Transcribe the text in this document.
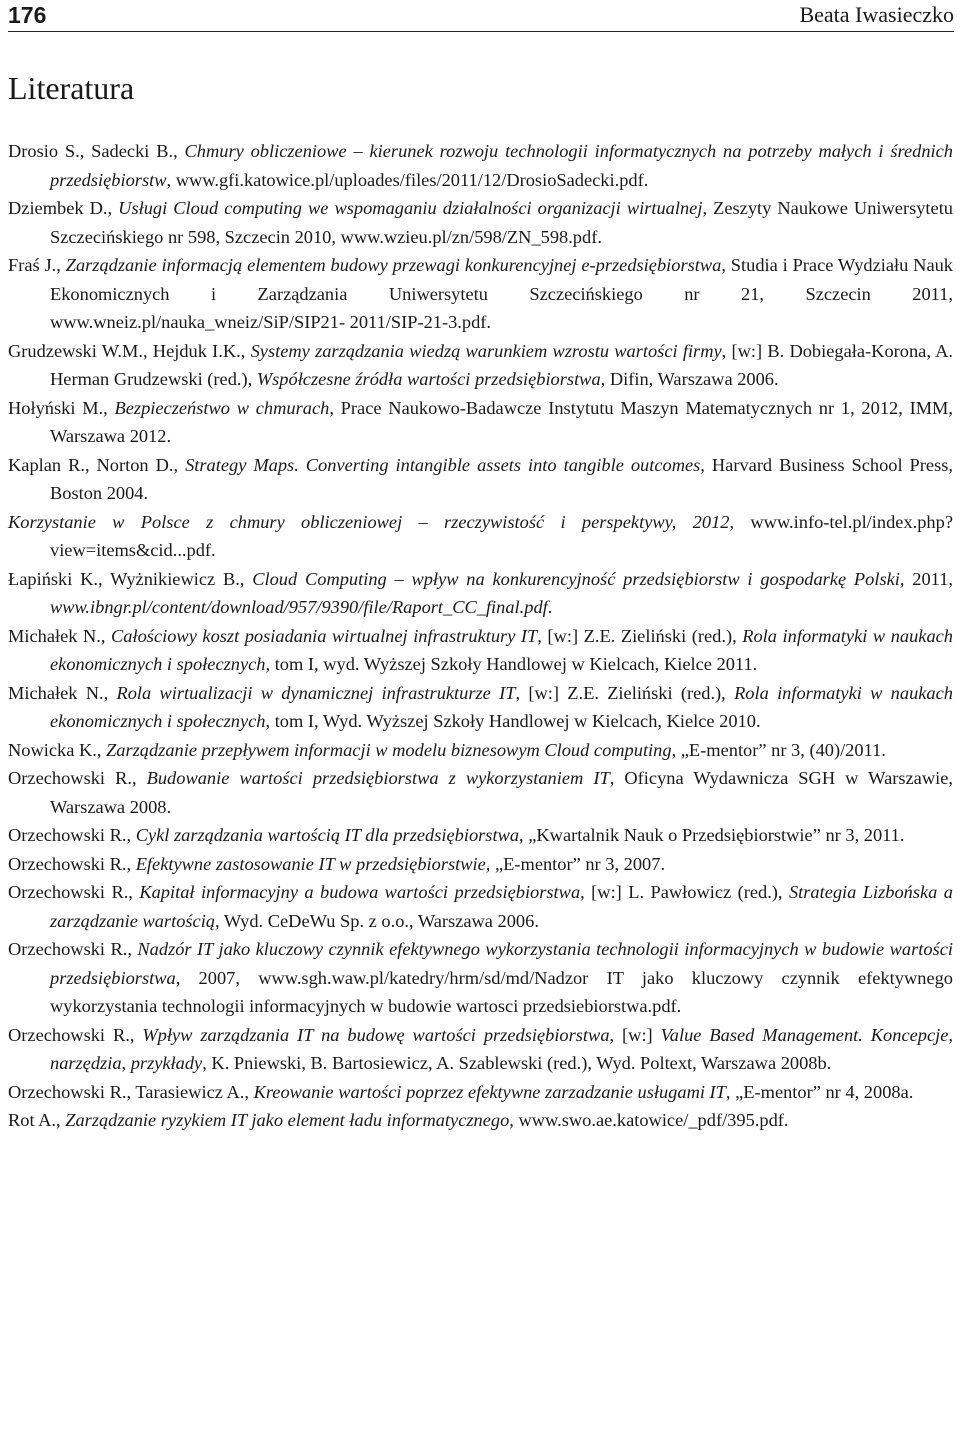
176	Beata Iwasieczko
Literatura

Drosio S., Sadecki B., Chmury obliczeniowe – kierunek rozwoju technologii informatycznych na potrzeby małych i średnich przedsiębiorstw, www.gfi.katowice.pl/uploades/files/2011/12/DrosioSadecki.pdf.

Dziembek D., Usługi Cloud computing we wspomaganiu działalności organizacji wirtualnej, Zeszyty Naukowe Uniwersytetu Szczecińskiego nr 598, Szczecin 2010, www.wzieu.pl/zn/598/ZN_598.pdf.

Fraś J., Zarządzanie informacją elementem budowy przewagi konkurencyjnej e-przedsiębiorstwa, Studia i Prace Wydziału Nauk Ekonomicznych i Zarządzania Uniwersytetu Szczecińskiego nr 21, Szczecin 2011, www.wneiz.pl/nauka_wneiz/SiP/SIP21- 2011/SIP-21-3.pdf.

Grudzewski W.M., Hejduk I.K., Systemy zarządzania wiedzą warunkiem wzrostu wartości firmy, [w:] B. Dobiegała-Korona, A. Herman Grudzewski (red.), Współczesne źródła wartości przedsiębiorstwa, Difin, Warszawa 2006.

Hołyński M., Bezpieczeństwo w chmurach, Prace Naukowo-Badawcze Instytutu Maszyn Matematycznych nr 1, 2012, IMM, Warszawa 2012.

Kaplan R., Norton D., Strategy Maps. Converting intangible assets into tangible outcomes, Harvard Business School Press, Boston 2004.

Korzystanie w Polsce z chmury obliczeniowej – rzeczywistość i perspektywy, 2012, www.info-tel.pl/index.php?view=items&cid...pdf.

Łapiński K., Wyżnikiewicz B., Cloud Computing – wpływ na konkurencyjność przedsiębiorstw i gospodarkę Polski, 2011, www.ibngr.pl/content/download/957/9390/file/Raport_CC_final.pdf.

Michałek N., Całościowy koszt posiadania wirtualnej infrastruktury IT, [w:] Z.E. Zieliński (red.), Rola informatyki w naukach ekonomicznych i społecznych, tom I, wyd. Wyższej Szkoły Handlowej w Kielcach, Kielce 2011.

Michałek N., Rola wirtualizacji w dynamicznej infrastrukturze IT, [w:] Z.E. Zieliński (red.), Rola informatyki w naukach ekonomicznych i społecznych, tom I, Wyd. Wyższej Szkoły Handlowej w Kielcach, Kielce 2010.

Nowicka K., Zarządzanie przepływem informacji w modelu biznesowym Cloud computing, „E-mentor” nr 3, (40)/2011.

Orzechowski R., Budowanie wartości przedsiębiorstwa z wykorzystaniem IT, Oficyna Wydawnicza SGH w Warszawie, Warszawa 2008.

Orzechowski R., Cykl zarządzania wartością IT dla przedsiębiorstwa, „Kwartalnik Nauk o Przedsiębiorstwie” nr 3, 2011.

Orzechowski R., Efektywne zastosowanie IT w przedsiębiorstwie, „E-mentor” nr 3, 2007.

Orzechowski R., Kapitał informacyjny a budowa wartości przedsiębiorstwa, [w:] L. Pawłowicz (red.), Strategia Lizbońska a zarządzanie wartością, Wyd. CeDeWu Sp. z o.o., Warszawa 2006.

Orzechowski R., Nadzór IT jako kluczowy czynnik efektywnego wykorzystania technologii informacyjnych w budowie wartości przedsiębiorstwa, 2007, www.sgh.waw.pl/katedry/hrm/sd/md/Nadzor IT jako kluczowy czynnik efektywnego wykorzystania technologii informacyjnych w budowie wartosci przedsiebiorstwa.pdf.

Orzechowski R., Wpływ zarządzania IT na budowę wartości przedsiębiorstwa, [w:] Value Based Management. Koncepcje, narzędzia, przykłady, K. Pniewski, B. Bartosiewicz, A. Szablewski (red.), Wyd. Poltext, Warszawa 2008b.

Orzechowski R., Tarasiewicz A., Kreowanie wartości poprzez efektywne zarzadzanie usługami IT, „E-mentor” nr 4, 2008a.

Rot A., Zarządzanie ryzykiem IT jako element ładu informatycznego, www.swo.ae.katowice/_pdf/395.pdf.
